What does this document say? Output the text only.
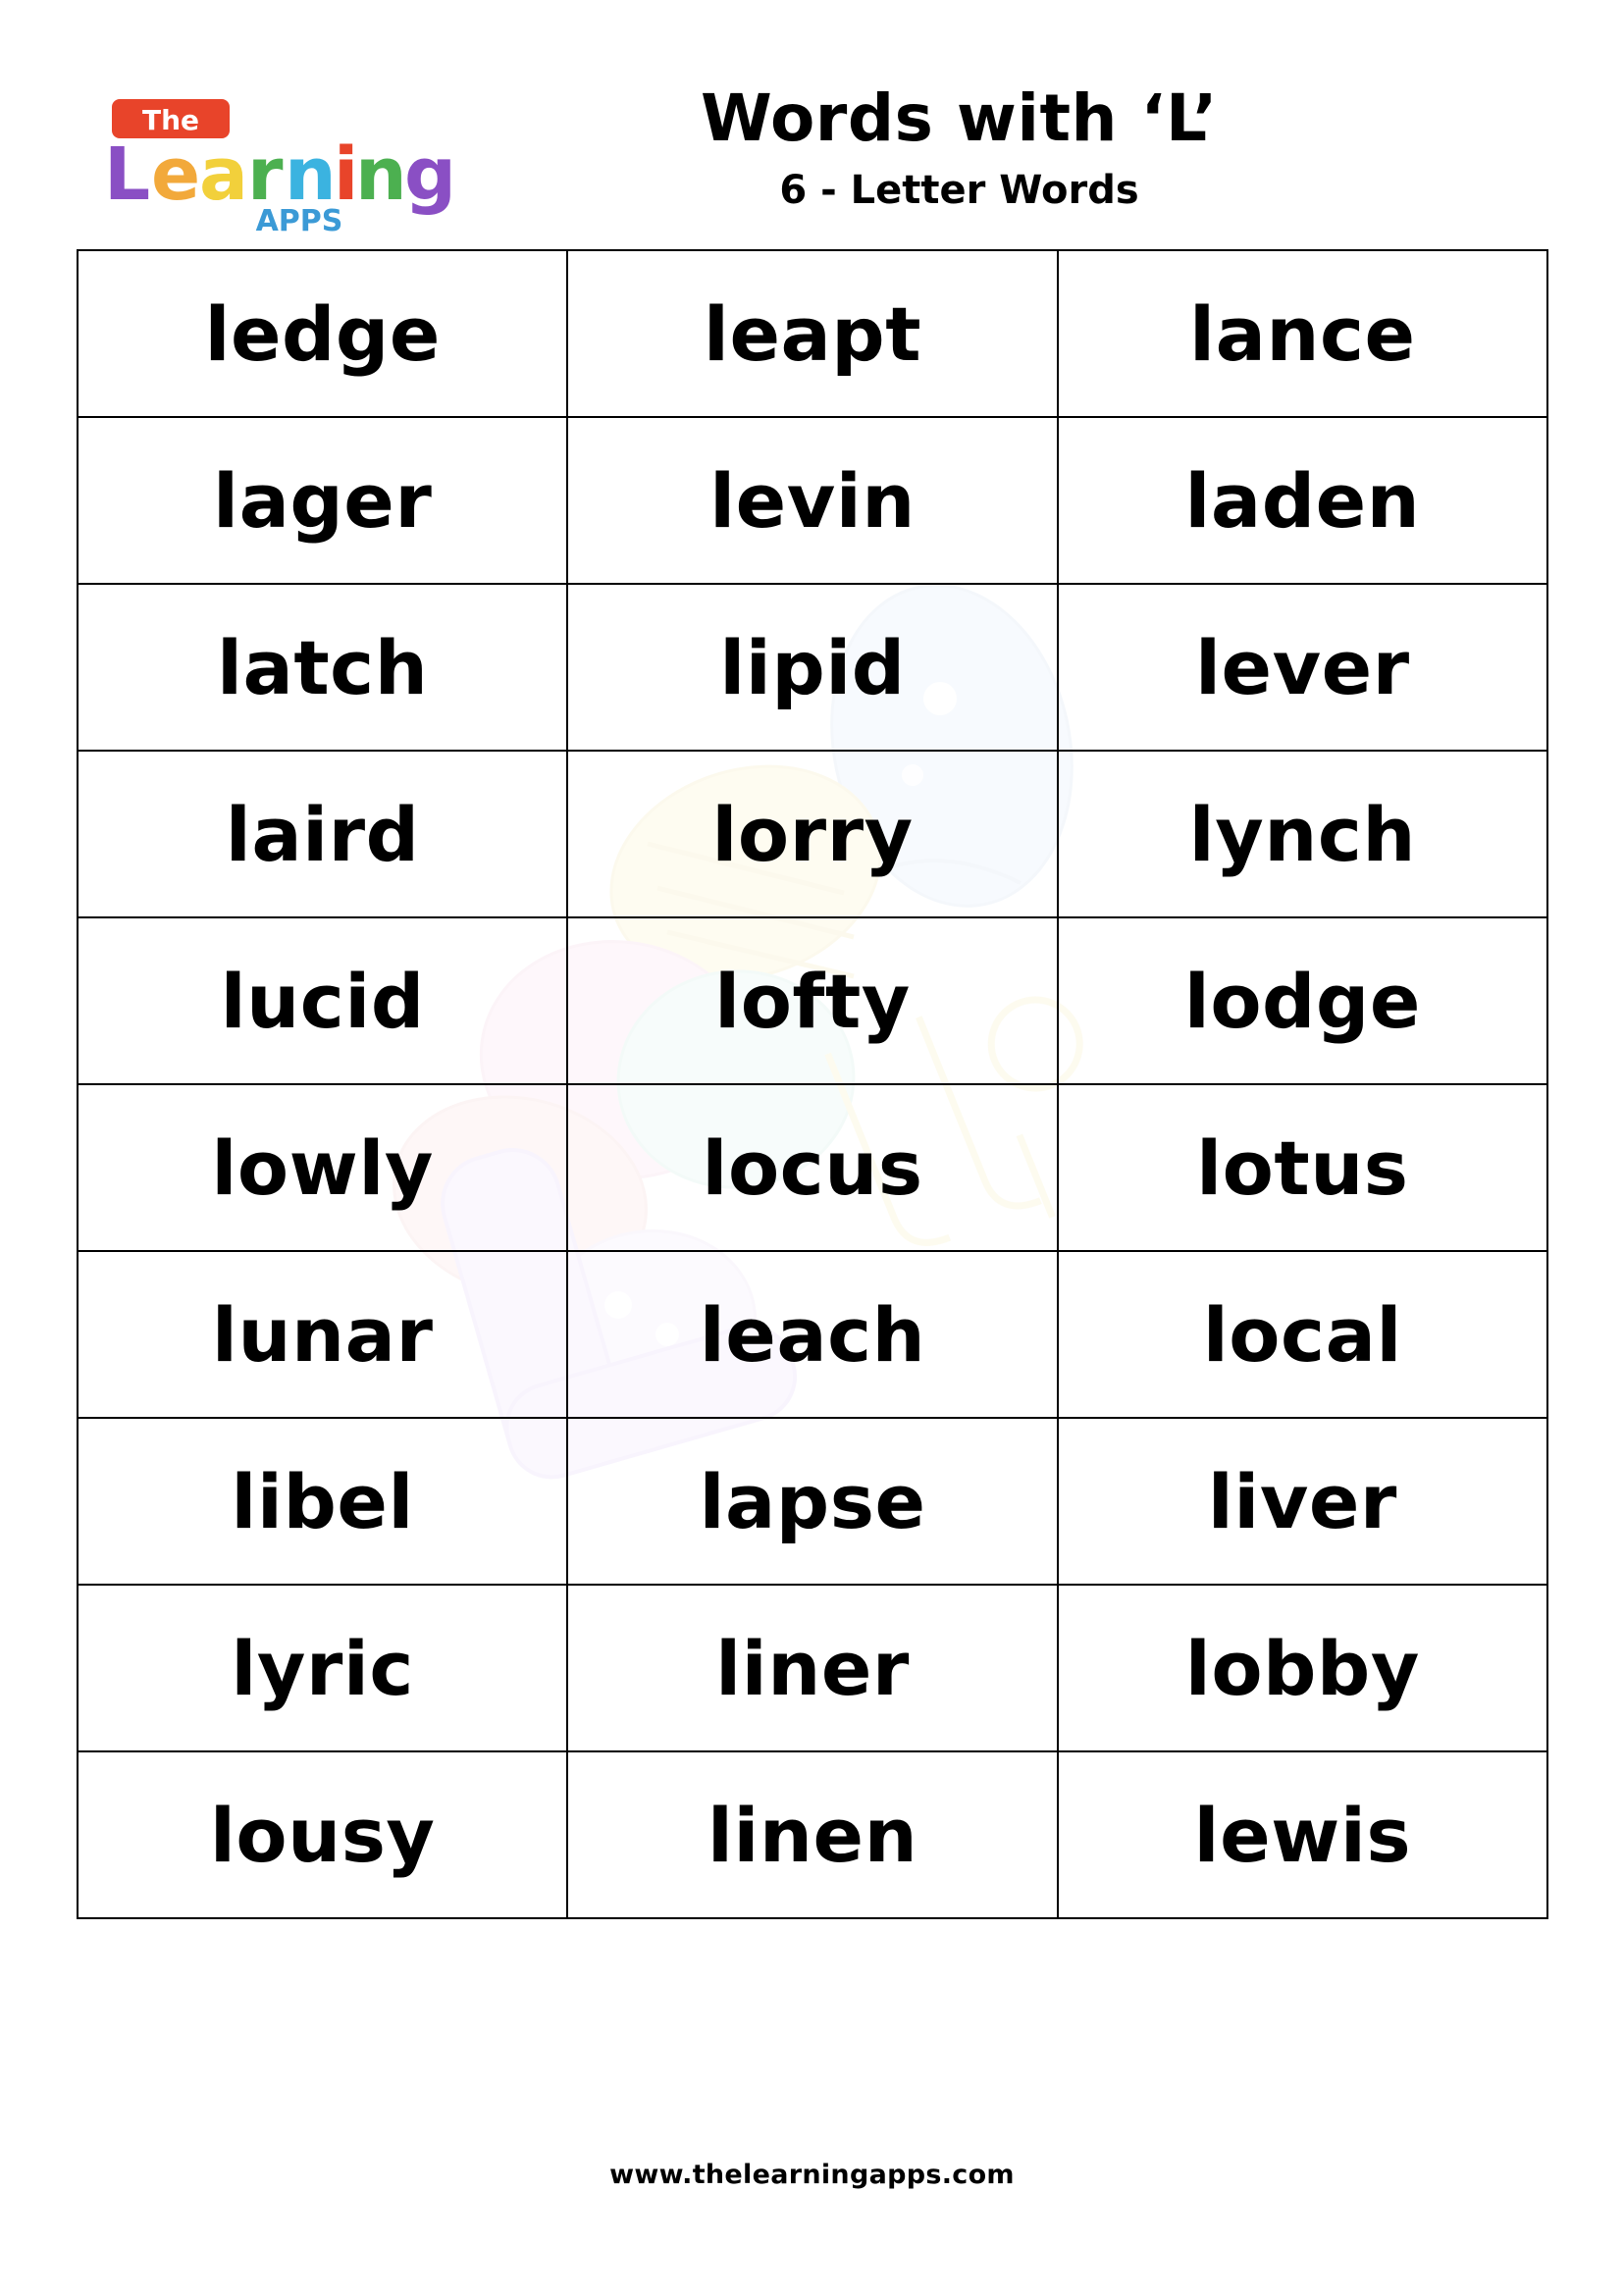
The
L e
a r n
i
n
g
APPS
Words with ‘L’
6 - Letter Words
ledge	leapt	lance
lager	levin	laden
latch	lipid	lever
laird	lorry	lynch
lucid	lofty	lodge
lowly	locus	lotus
lunar	leach	local
libel	lapse	liver
lyric	liner	lobby
lousy	linen	lewis
www.thelearningapps.com
